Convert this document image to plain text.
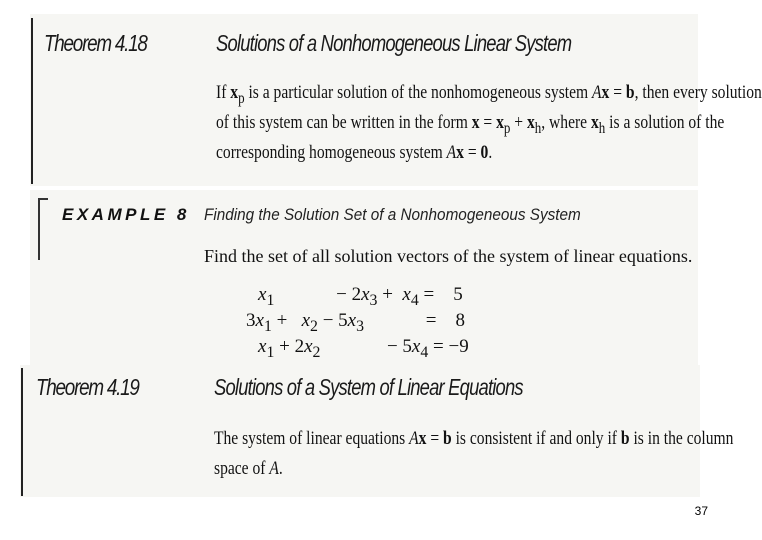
Theorem 4.18	Solutions of a Nonhomogeneous Linear System
If $x_p$ is a particular solution of the nonhomogeneous system Ax = b, then every solution
of this system can be written in the form $x = x_p + x_h$, where $x_h$ is a solution of the
corresponding homogeneous system Ax = 0.
EXAMPLE 8 Finding the Solution Set of a Nonhomogeneous System
Find the set of all solution vectors of the system of linear equations.
$x_1$             − $2x_3 + x_4$ =    5
$3x_1 + x_2 - 5x_3$             =    8
$x_1 + 2x_2$              − $5x_4 = -9$
Theorem 4.19	Solutions of a System of Linear Equations
The system of linear equations Ax = b is consistent if and only if b is in the column
space of A.
37
